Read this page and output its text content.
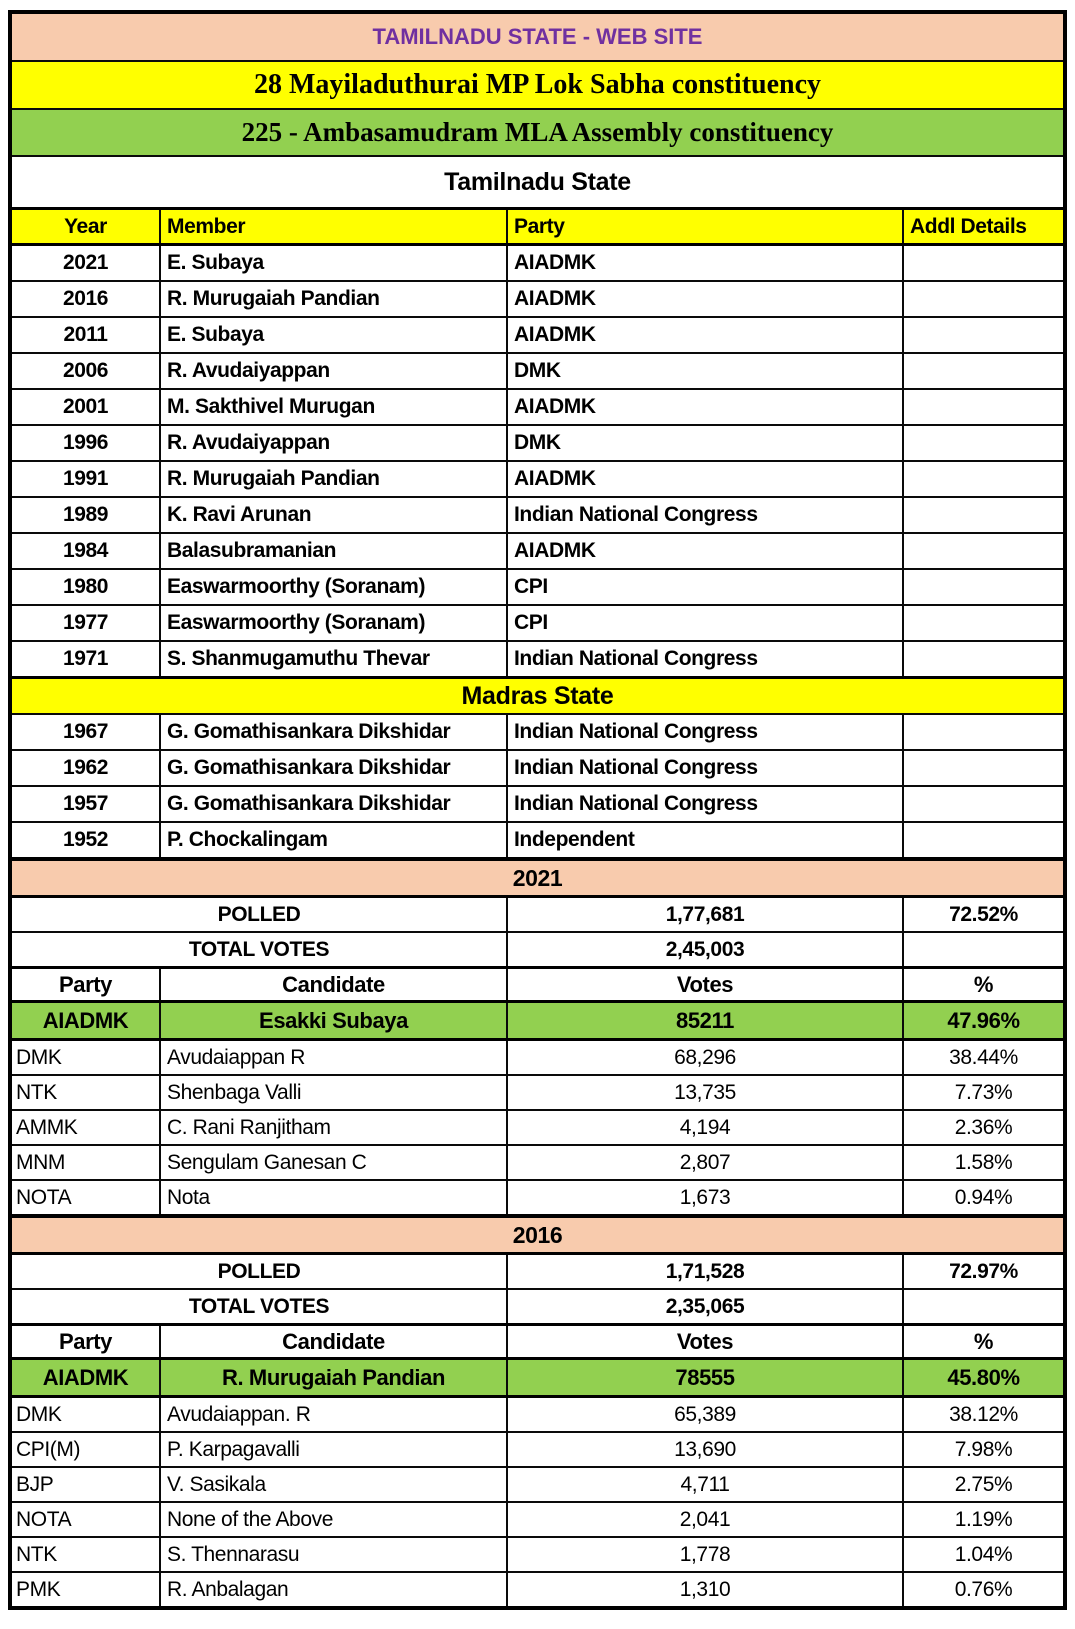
TAMILNADU STATE - WEB SITE			
28 Mayiladuthurai MP Lok Sabha constituency			
225 - Ambasamudram MLA Assembly constituency			
Tamilnadu State			
Year	Member	Party	Addl Details
2021	E. Subaya	AIADMK	
2016	R. Murugaiah Pandian	AIADMK	
2011	E. Subaya	AIADMK	
2006	R. Avudaiyappan	DMK	
2001	M. Sakthivel Murugan	AIADMK	
1996	R. Avudaiyappan	DMK	
1991	R. Murugaiah Pandian	AIADMK	
1989	K. Ravi Arunan	Indian National Congress	
1984	Balasubramanian	AIADMK	
1980	Easwarmoorthy (Soranam)	CPI	
1977	Easwarmoorthy (Soranam)	CPI	
1971	S. Shanmugamuthu Thevar	Indian National Congress	
Madras State			
1967	G. Gomathisankara Dikshidar	Indian National Congress	
1962	G. Gomathisankara Dikshidar	Indian National Congress	
1957	G. Gomathisankara Dikshidar	Indian National Congress	
1952	P. Chockalingam	Independent	
2021			
POLLED		1,77,681	72.52%
TOTAL VOTES		2,45,003	
Party	Candidate	Votes	%
AIADMK	Esakki Subaya	85211	47.96%
DMK	Avudaiappan R	68,296	38.44%
NTK	Shenbaga Valli	13,735	7.73%
AMMK	C. Rani Ranjitham	4,194	2.36%
MNM	Sengulam Ganesan C	2,807	1.58%
NOTA	Nota	1,673	0.94%
2016			
POLLED		1,71,528	72.97%
TOTAL VOTES		2,35,065	
Party	Candidate	Votes	%
AIADMK	R. Murugaiah Pandian	78555	45.80%
DMK	Avudaiappan. R	65,389	38.12%
CPI(M)	P. Karpagavalli	13,690	7.98%
BJP	V. Sasikala	4,711	2.75%
NOTA	None of the Above	2,041	1.19%
NTK	S. Thennarasu	1,778	1.04%
PMK	R. Anbalagan	1,310	0.76%
